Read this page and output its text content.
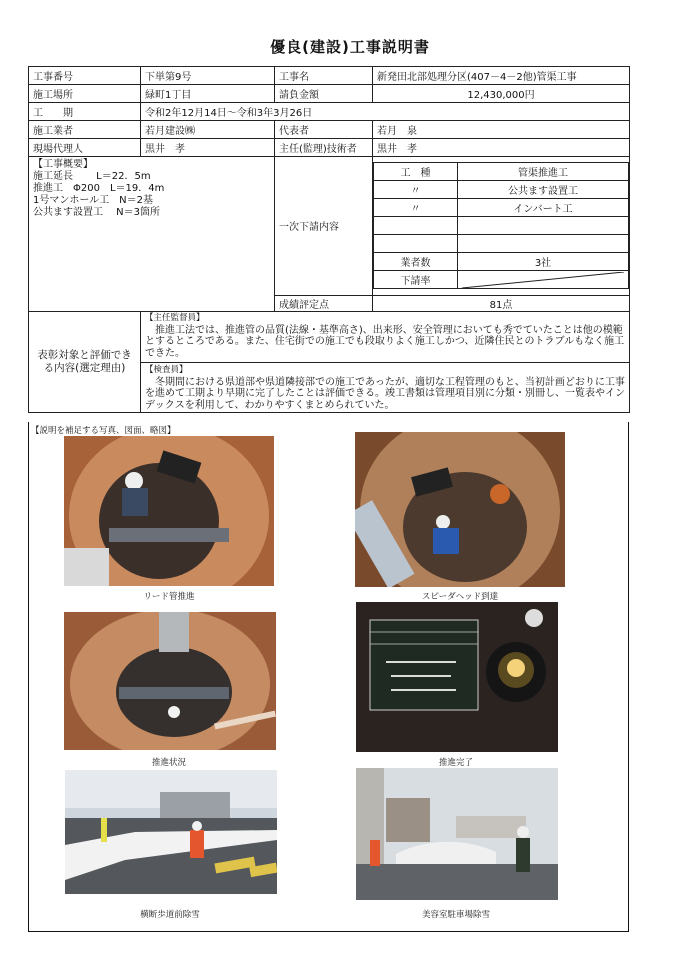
優良(建設)工事説明書
工事番号	下単第9号	工事名	新発田北部処理分区(407－4－2他)管渠工事
施工場所	緑町1丁目	請負金額	12,430,000円
工　　期	令和2年12月14日～令和3年3月26日
施工業者	若月建設㈱	代表者	若月　泉
現場代理人	黒井　孝	主任(監理)技術者	黒井　孝

【工事概要】
施工延長　　 L＝22．5m
推進工　Φ200　L＝19．4m
1号マンホール工　N＝2基
公共ます設置工　 N＝3箇所
	一次下請内容	
工　種	管渠推進工
〃	公共ます設置工
〃	インバート工

業者数	3社
下請率	

成績評定点	81点
表彰対象と評価できる内容(選定理由)	
【主任監督員】
　推進工法では、推進管の品質(法線・基準高さ)、出来形、安全管理においても秀でていたことは他の模範とするところである。また、住宅街での施工でも段取りよく施工しかつ、近隣住民とのトラブルもなく施工できた。
【検査員】
　冬期間における県道部や県道隣接部での施工であったが、適切な工程管理のもと、当初計画どおりに工事を進めて工期より早期に完了したことは評価できる。竣工書類は管理項目別に分類・別冊し、一覧表やインデックスを利用して、わかりやすくまとめられていた。
【説明を補足する写真、図面、略図】
リード管推進	スピーダヘッド到達
推進状況	推進完了
横断歩道前除雪	美容室駐車場除雪
